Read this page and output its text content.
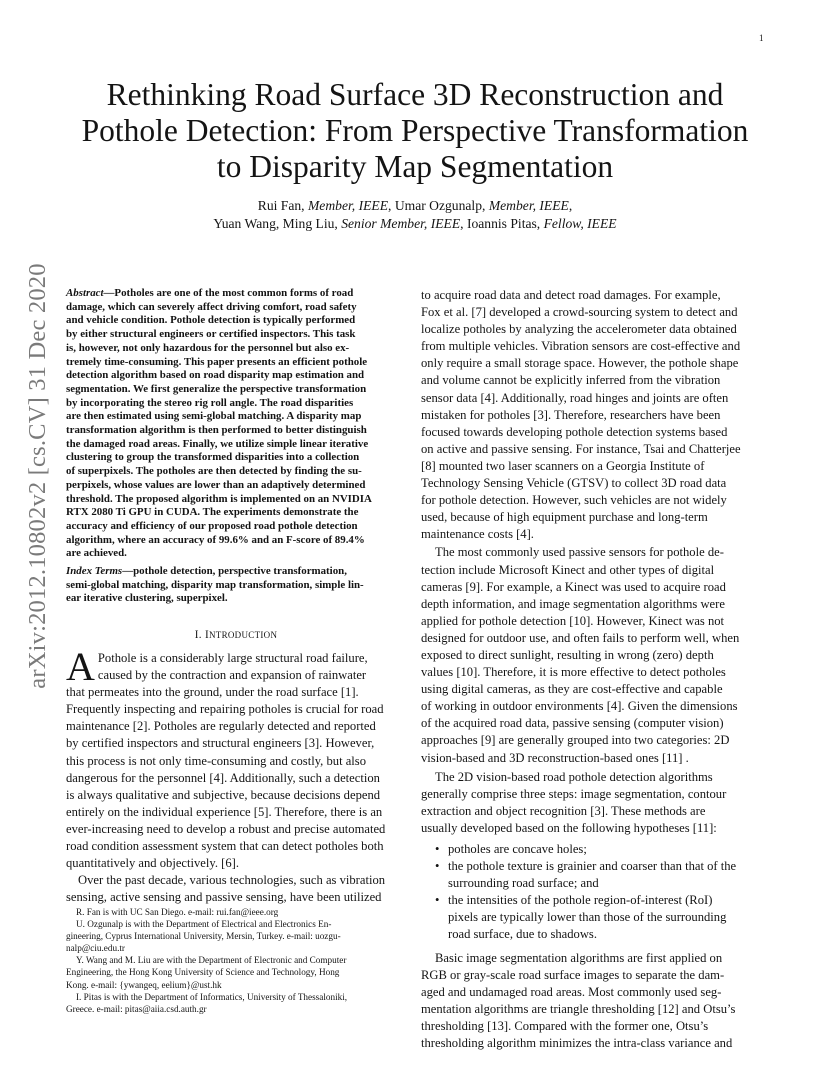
1
arXiv:2012.10802v2 [cs.CV] 31 Dec 2020
Rethinking Road Surface 3D Reconstruction and
Pothole Detection: From Perspective Transformation
to Disparity Map Segmentation
Rui Fan, Member, IEEE, Umar Ozgunalp, Member, IEEE,
Yuan Wang, Ming Liu, Senior Member, IEEE, Ioannis Pitas, Fellow, IEEE
Abstract—Potholes are one of the most common forms of road
damage, which can severely affect driving comfort, road safety
and vehicle condition. Pothole detection is typically performed
by either structural engineers or certified inspectors. This task
is, however, not only hazardous for the personnel but also ex-
tremely time-consuming. This paper presents an efficient pothole
detection algorithm based on road disparity map estimation and
segmentation. We first generalize the perspective transformation
by incorporating the stereo rig roll angle. The road disparities
are then estimated using semi-global matching. A disparity map
transformation algorithm is then performed to better distinguish
the damaged road areas. Finally, we utilize simple linear iterative
clustering to group the transformed disparities into a collection
of superpixels. The potholes are then detected by finding the su-
perpixels, whose values are lower than an adaptively determined
threshold. The proposed algorithm is implemented on an NVIDIA
RTX 2080 Ti GPU in CUDA. The experiments demonstrate the
accuracy and efficiency of our proposed road pothole detection
algorithm, where an accuracy of 99.6% and an F-score of 89.4%
are achieved.
Index Terms—pothole detection, perspective transformation,
semi-global matching, disparity map transformation, simple lin-
ear iterative clustering, superpixel.
I. INTRODUCTION
A Pothole is a considerably large structural road failure,
caused by the contraction and expansion of rainwater
that permeates into the ground, under the road surface [1].
Frequently inspecting and repairing potholes is crucial for road
maintenance [2]. Potholes are regularly detected and reported
by certified inspectors and structural engineers [3]. However,
this process is not only time-consuming and costly, but also
dangerous for the personnel [4]. Additionally, such a detection
is always qualitative and subjective, because decisions depend
entirely on the individual experience [5]. Therefore, there is an
ever-increasing need to develop a robust and precise automated
road condition assessment system that can detect potholes both
quantitatively and objectively. [6].
Over the past decade, various technologies, such as vibration
sensing, active sensing and passive sensing, have been utilized

R. Fan is with UC San Diego. e-mail: rui.fan@ieee.org

U. Ozgunalp is with the Department of Electrical and Electronics En-
gineering, Cyprus International University, Mersin, Turkey. e-mail: uozgu-
nalp@ciu.edu.tr

Y. Wang and M. Liu are with the Department of Electronic and Computer
Engineering, the Hong Kong University of Science and Technology, Hong
Kong. e-mail: {ywangeq, eelium}@ust.hk

I. Pitas is with the Department of Informatics, University of Thessaloniki,
Greece. e-mail: pitas@aiia.csd.auth.gr

to acquire road data and detect road damages. For example,
Fox et al. [7] developed a crowd-sourcing system to detect and
localize potholes by analyzing the accelerometer data obtained
from multiple vehicles. Vibration sensors are cost-effective and
only require a small storage space. However, the pothole shape
and volume cannot be explicitly inferred from the vibration
sensor data [4]. Additionally, road hinges and joints are often
mistaken for potholes [3]. Therefore, researchers have been
focused towards developing pothole detection systems based
on active and passive sensing. For instance, Tsai and Chatterjee
[8] mounted two laser scanners on a Georgia Institute of
Technology Sensing Vehicle (GTSV) to collect 3D road data
for pothole detection. However, such vehicles are not widely
used, because of high equipment purchase and long-term
maintenance costs [4].
The most commonly used passive sensors for pothole de-
tection include Microsoft Kinect and other types of digital
cameras [9]. For example, a Kinect was used to acquire road
depth information, and image segmentation algorithms were
applied for pothole detection [10]. However, Kinect was not
designed for outdoor use, and often fails to perform well, when
exposed to direct sunlight, resulting in wrong (zero) depth
values [10]. Therefore, it is more effective to detect potholes
using digital cameras, as they are cost-effective and capable
of working in outdoor environments [4]. Given the dimensions
of the acquired road data, passive sensing (computer vision)
approaches [9] are generally grouped into two categories: 2D
vision-based and 3D reconstruction-based ones [11] .
The 2D vision-based road pothole detection algorithms
generally comprise three steps: image segmentation, contour
extraction and object recognition [3]. These methods are
usually developed based on the following hypotheses [11]:
• potholes are concave holes;
• the pothole texture is grainier and coarser than that of the
surrounding road surface; and
• the intensities of the pothole region-of-interest (RoI)
pixels are typically lower than those of the surrounding
road surface, due to shadows.
Basic image segmentation algorithms are first applied on
RGB or gray-scale road surface images to separate the dam-
aged and undamaged road areas. Most commonly used seg-
mentation algorithms are triangle thresholding [12] and Otsu’s
thresholding [13]. Compared with the former one, Otsu’s
thresholding algorithm minimizes the intra-class variance and
